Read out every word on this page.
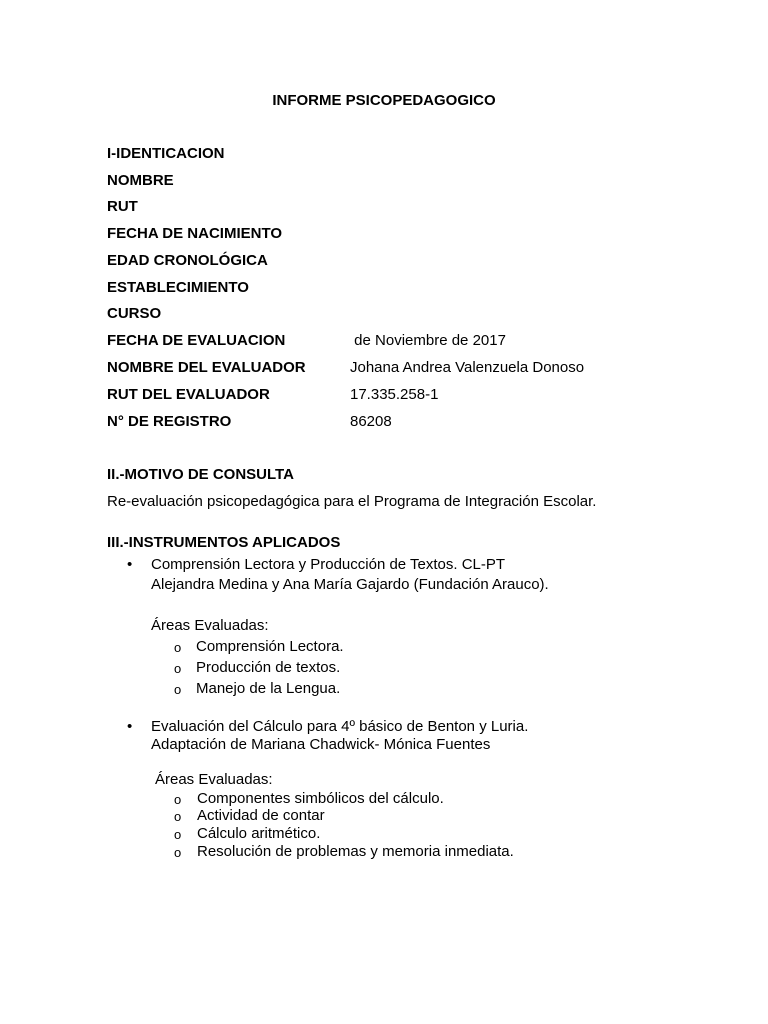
INFORME PSICOPEDAGOGICO
I-IDENTICACION
NOMBRE
RUT
FECHA DE NACIMIENTO
EDAD CRONOLÓGICA
ESTABLECIMIENTO
CURSO
FECHA DE EVALUACION	de Noviembre de 2017
NOMBRE DEL EVALUADOR	Johana Andrea Valenzuela Donoso
RUT DEL EVALUADOR	17.335.258-1
N° DE REGISTRO	86208
II.-MOTIVO DE CONSULTA
Re-evaluación psicopedagógica para el Programa de Integración Escolar.
III.-INSTRUMENTOS APLICADOS
• Comprensión Lectora y Producción de Textos. CL-PT
Alejandra Medina y Ana María Gajardo (Fundación Arauco).
Áreas Evaluadas:
o Comprensión Lectora.
o Producción de textos.
o Manejo de la Lengua.
• Evaluación del Cálculo para 4º básico de Benton y Luria.
Adaptación de Mariana Chadwick- Mónica Fuentes
Áreas Evaluadas:
o Componentes simbólicos del cálculo.
o Actividad de contar
o Cálculo aritmético.
o Resolución de problemas y memoria inmediata.
